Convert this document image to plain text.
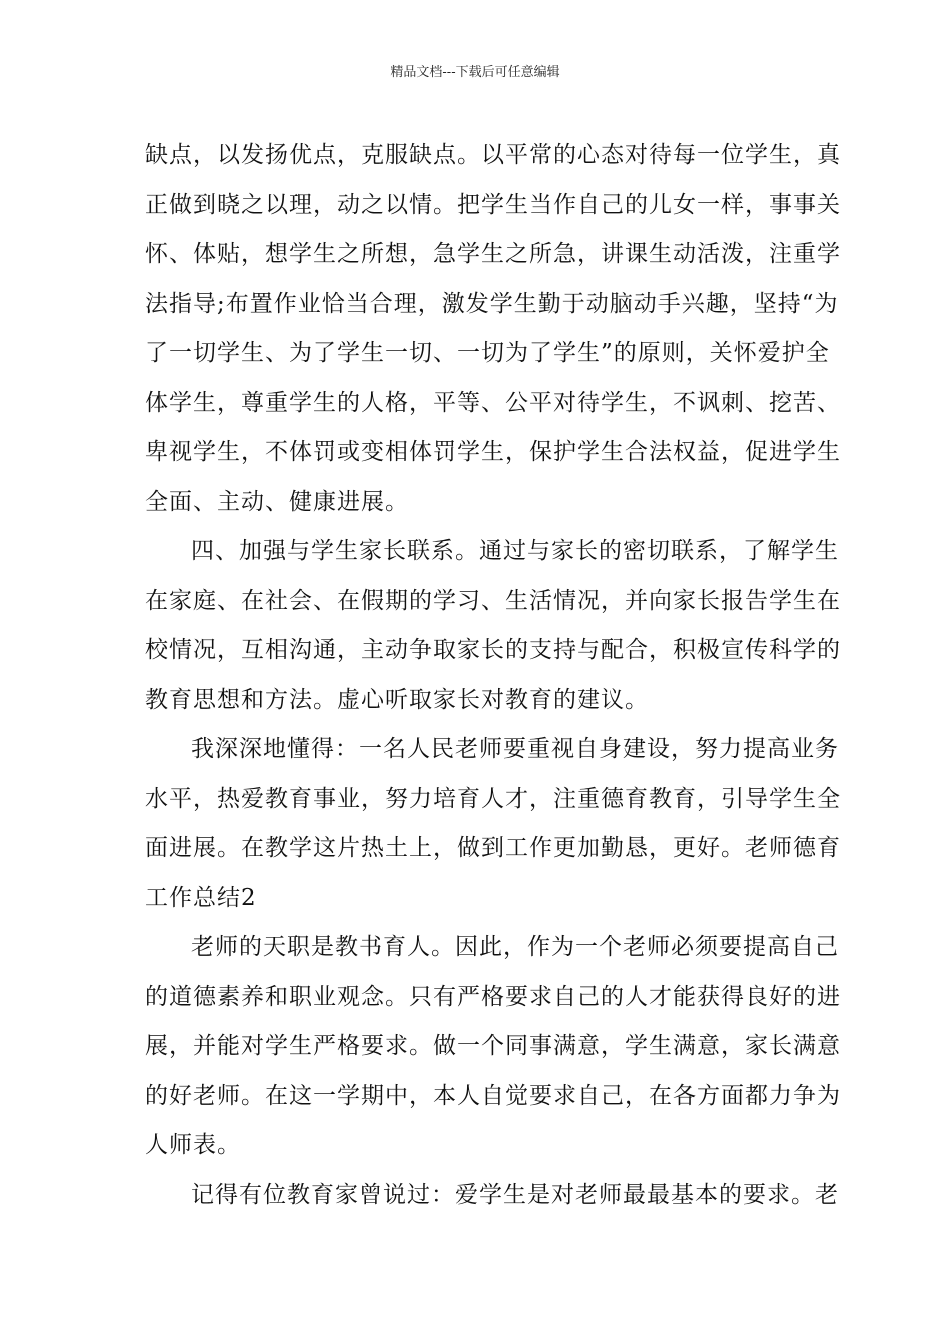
精品文档---下载后可任意编辑
缺点，以发扬优点，克服缺点。以平常的心态对待每一位学生，真
正做到晓之以理，动之以情。把学生当作自己的儿女一样，事事关
怀、体贴，想学生之所想，急学生之所急，讲课生动活泼，注重学
法指导;布置作业恰当合理，激发学生勤于动脑动手兴趣，坚持“为
了一切学生、为了学生一切、一切为了学生”的原则，关怀爱护全
体学生，尊重学生的人格，平等、公平对待学生，不讽刺、挖苦、
卑视学生，不体罚或变相体罚学生，保护学生合法权益，促进学生
全面、主动、健康进展。
四、加强与学生家长联系。通过与家长的密切联系，了解学生
在家庭、在社会、在假期的学习、生活情况，并向家长报告学生在
校情况，互相沟通，主动争取家长的支持与配合，积极宣传科学的
教育思想和方法。虚心听取家长对教育的建议。
我深深地懂得：一名人民老师要重视自身建设，努力提高业务
水平，热爱教育事业，努力培育人才，注重德育教育，引导学生全
面进展。在教学这片热土上，做到工作更加勤恳，更好。老师德育
工作总结2
老师的天职是教书育人。因此，作为一个老师必须要提高自己
的道德素养和职业观念。只有严格要求自己的人才能获得良好的进
展，并能对学生严格要求。做一个同事满意，学生满意，家长满意
的好老师。在这一学期中，本人自觉要求自己，在各方面都力争为
人师表。
记得有位教育家曾说过：爱学生是对老师最最基本的要求。老
